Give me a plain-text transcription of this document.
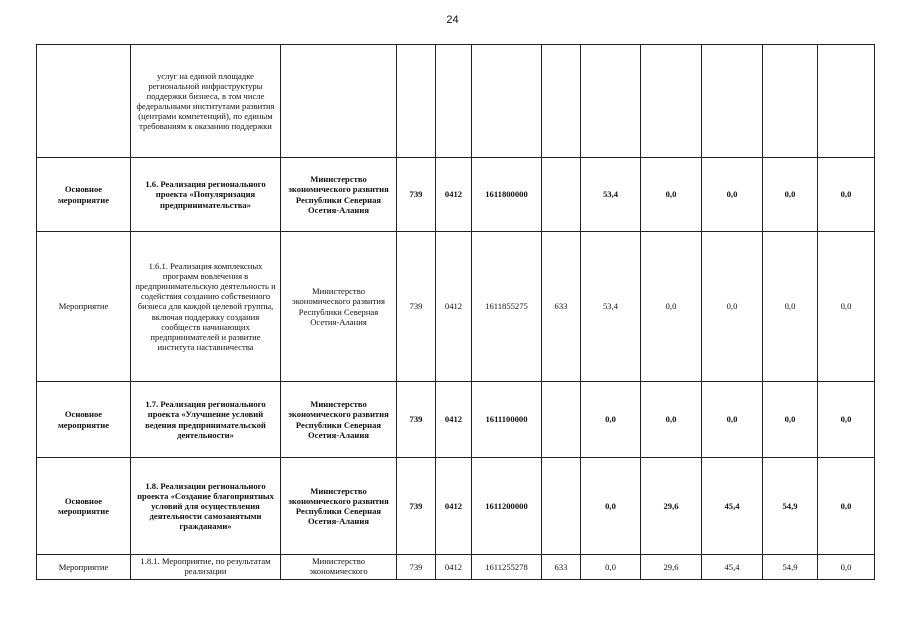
24
	услуг на единой площадке региональной инфраструктуры поддержки бизнеса, в том числе федеральными институтами развития (центрами компетенций), по единым требованиям к оказанию поддержки										
Основное мероприятие	1.6. Реализация регионального проекта «Популяризация предпринимательства»	Министерство экономического развития Республики Северная Осетия-Алания	739	0412	1611800000		53,4	0,0	0,0	0,0	0,0
Мероприятие	1.6.1. Реализация комплексных программ вовлечения в предпринимательскую деятельность и содействия созданию собственного бизнеса для каждой целевой группы, включая поддержку создания сообществ начинающих предпринимателей и развитие института наставничества	Министерство экономического развития Республики Северная Осетия-Алания	739	0412	1611855275	633	53,4	0,0	0,0	0,0	0,0
Основное мероприятие	1.7. Реализация регионального проекта «Улучшение условий ведения предпринимательской деятельности»	Министерство экономического развития Республики Северная Осетия-Алания	739	0412	1611100000		0,0	0,0	0,0	0,0	0,0
Основное мероприятие	1.8. Реализация регионального проекта «Создание благоприятных условий для осуществления деятельности самозанятыми гражданами»	Министерство экономического развития Республики Северная Осетия-Алания	739	0412	1611200000		0,0	29,6	45,4	54,9	0,0
Мероприятие	1.8.1. Мероприятие, по результатам реализации	Министерство экономического	739	0412	1611255278	633	0,0	29,6	45,4	54,9	0,0
